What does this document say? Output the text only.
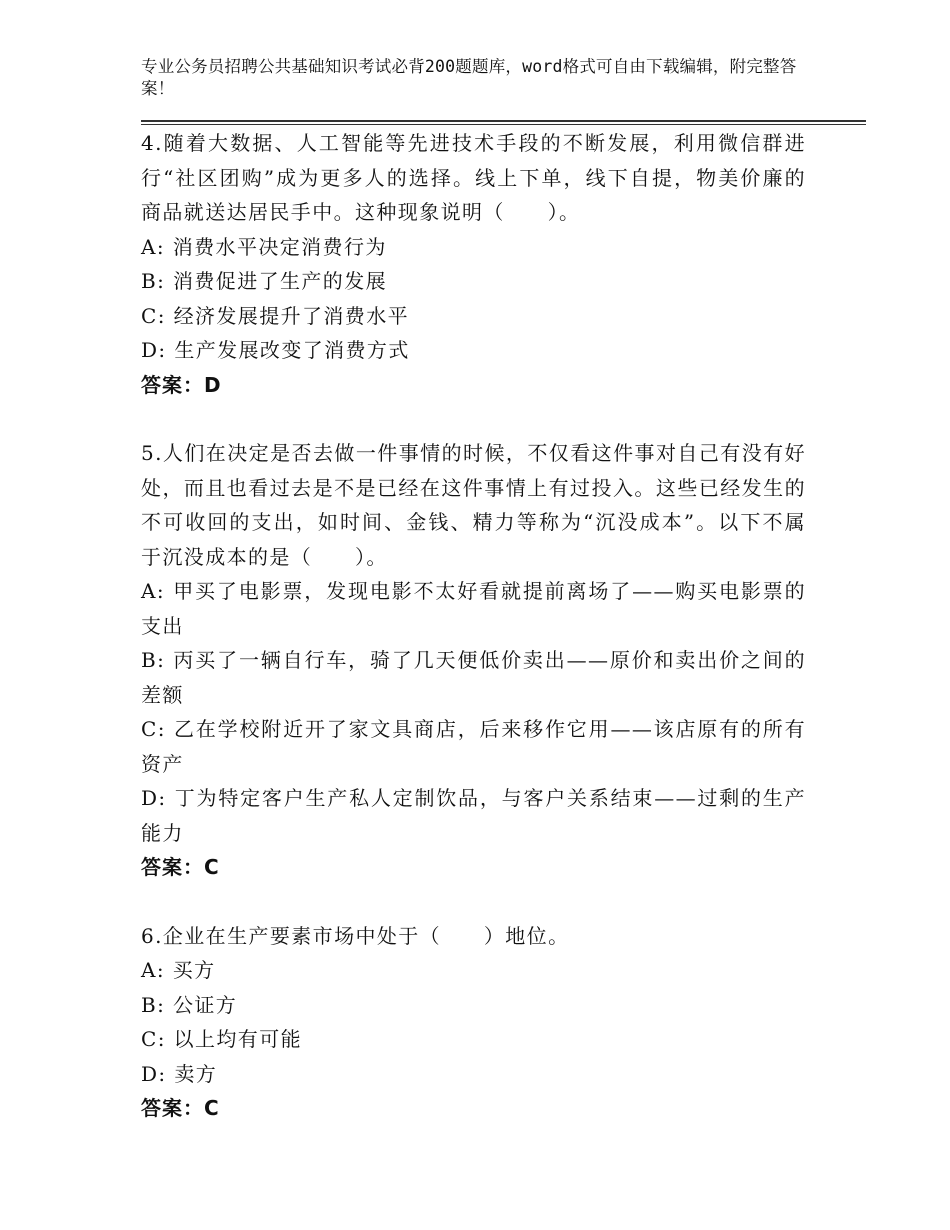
专业公务员招聘公共基础知识考试必背200题题库，word格式可自由下载编辑，附完整答案！

4.随着大数据、人工智能等先进技术手段的不断发展，利用微信群进行“社区团购”成为更多人的选择。线上下单，线下自提，物美价廉的商品就送达居民手中。这种现象说明（　　）。

A: 消费水平决定消费行为

B: 消费促进了生产的发展

C: 经济发展提升了消费水平

D: 生产发展改变了消费方式

答案：D

5.人们在决定是否去做一件事情的时候，不仅看这件事对自己有没有好处，而且也看过去是不是已经在这件事情上有过投入。这些已经发生的不可收回的支出，如时间、金钱、精力等称为“沉没成本”。以下不属于沉没成本的是（　　）。

A: 甲买了电影票，发现电影不太好看就提前离场了——购买电影票的支出

B: 丙买了一辆自行车，骑了几天便低价卖出——原价和卖出价之间的差额

C: 乙在学校附近开了家文具商店，后来移作它用——该店原有的所有资产

D: 丁为特定客户生产私人定制饮品，与客户关系结束——过剩的生产能力

答案：C

6.企业在生产要素市场中处于（　　）地位。

A: 买方

B: 公证方

C: 以上均有可能

D: 卖方

答案：C
